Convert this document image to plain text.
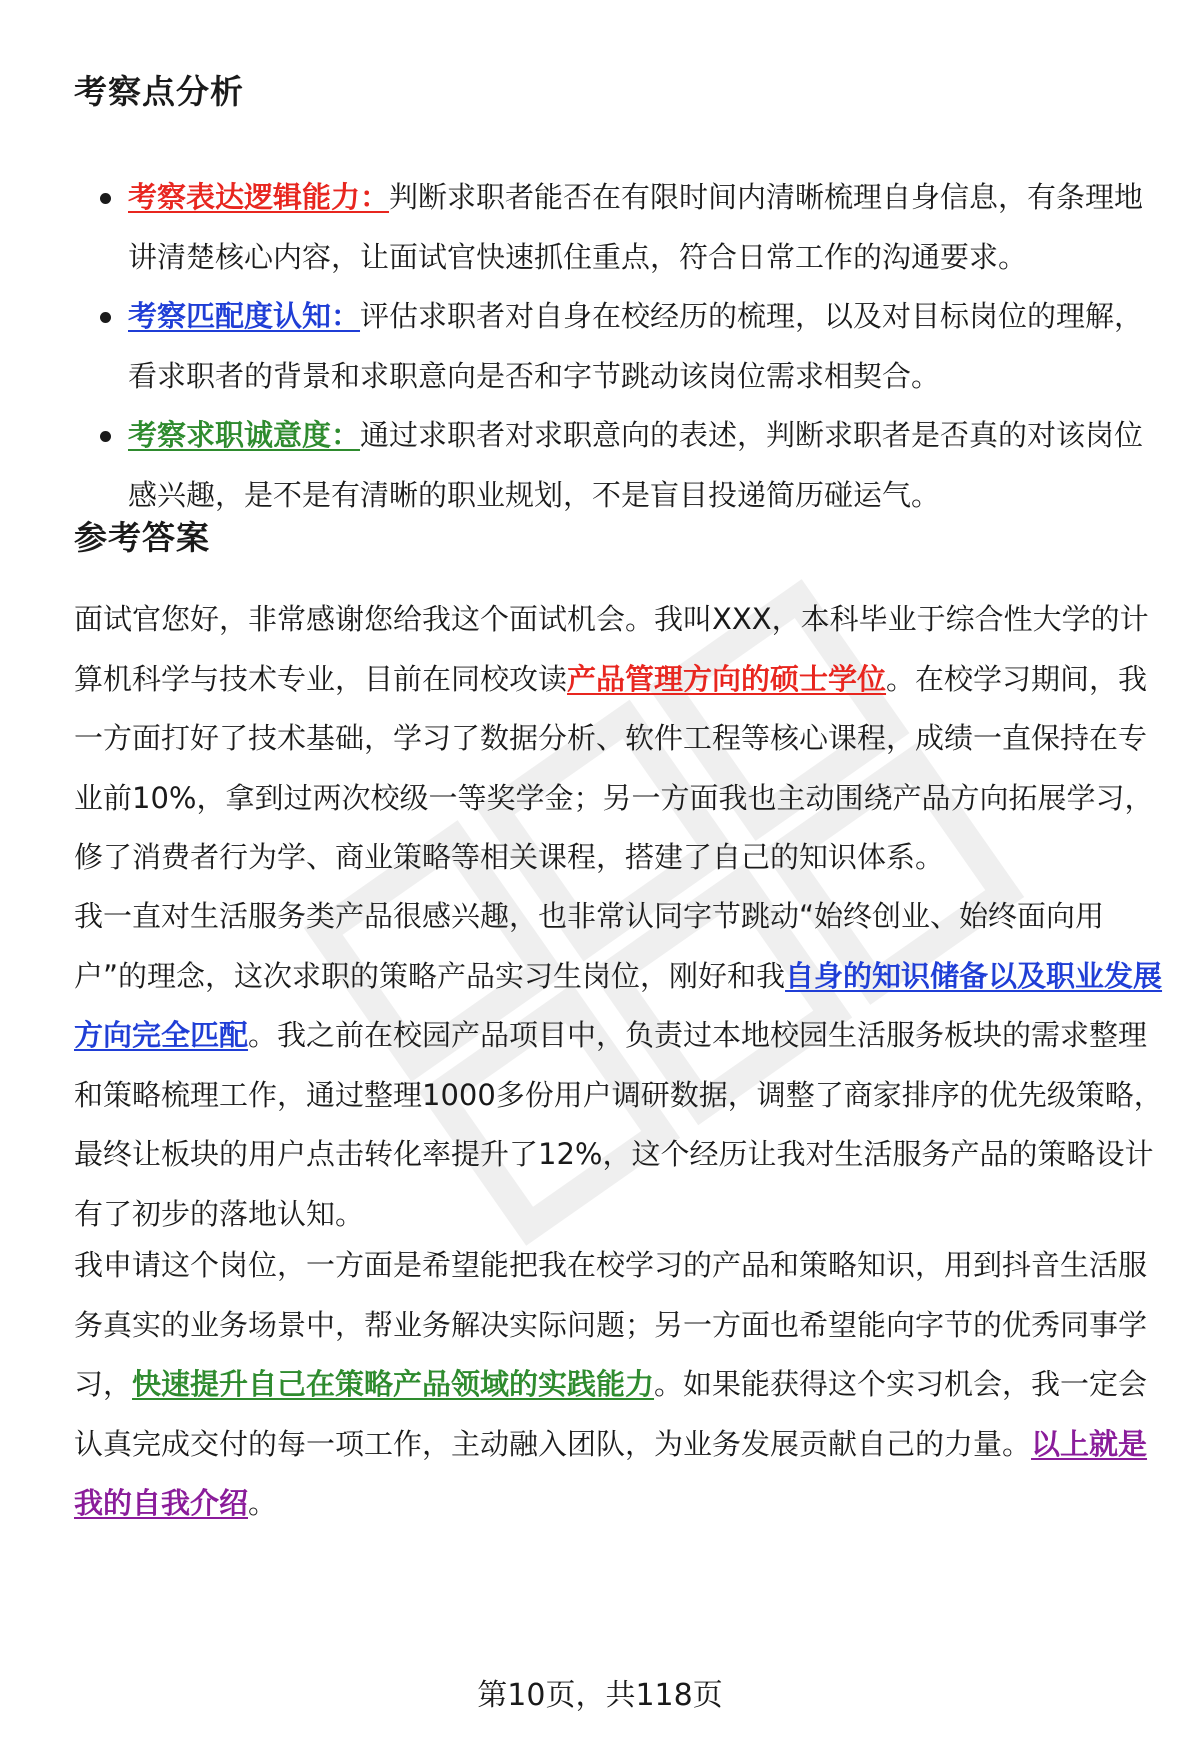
考察点分析
考察表达逻辑能力：判断求职者能否在有限时间内清晰梳理自身信息，有条理地讲清楚核心内容，让面试官快速抓住重点，符合日常工作的沟通要求。
考察匹配度认知：评估求职者对自身在校经历的梳理，以及对目标岗位的理解，看求职者的背景和求职意向是否和字节跳动该岗位需求相契合。
考察求职诚意度：通过求职者对求职意向的表述，判断求职者是否真的对该岗位感兴趣，是不是有清晰的职业规划，不是盲目投递简历碰运气。
参考答案

面试官您好，非常感谢您给我这个面试机会。我叫XXX，本科毕业于综合性大学的计算机科学与技术专业，目前在同校攻读产品管理方向的硕士学位。在校学习期间，我一方面打好了技术基础，学习了数据分析、软件工程等核心课程，成绩一直保持在专业前10%，拿到过两次校级一等奖学金；另一方面我也主动围绕产品方向拓展学习，修了消费者行为学、商业策略等相关课程，搭建了自己的知识体系。

我一直对生活服务类产品很感兴趣，也非常认同字节跳动“始终创业、始终面向用户”的理念，这次求职的策略产品实习生岗位，刚好和我自身的知识储备以及职业发展方向完全匹配。我之前在校园产品项目中，负责过本地校园生活服务板块的需求整理和策略梳理工作，通过整理1000多份用户调研数据，调整了商家排序的优先级策略，最终让板块的用户点击转化率提升了12%，这个经历让我对生活服务产品的策略设计有了初步的落地认知。

我申请这个岗位，一方面是希望能把我在校学习的产品和策略知识，用到抖音生活服务真实的业务场景中，帮业务解决实际问题；另一方面也希望能向字节的优秀同事学习，快速提升自己在策略产品领域的实践能力。如果能获得这个实习机会，我一定会认真完成交付的每一项工作，主动融入团队，为业务发展贡献自己的力量。以上就是我的自我介绍。

第10页，共118页
